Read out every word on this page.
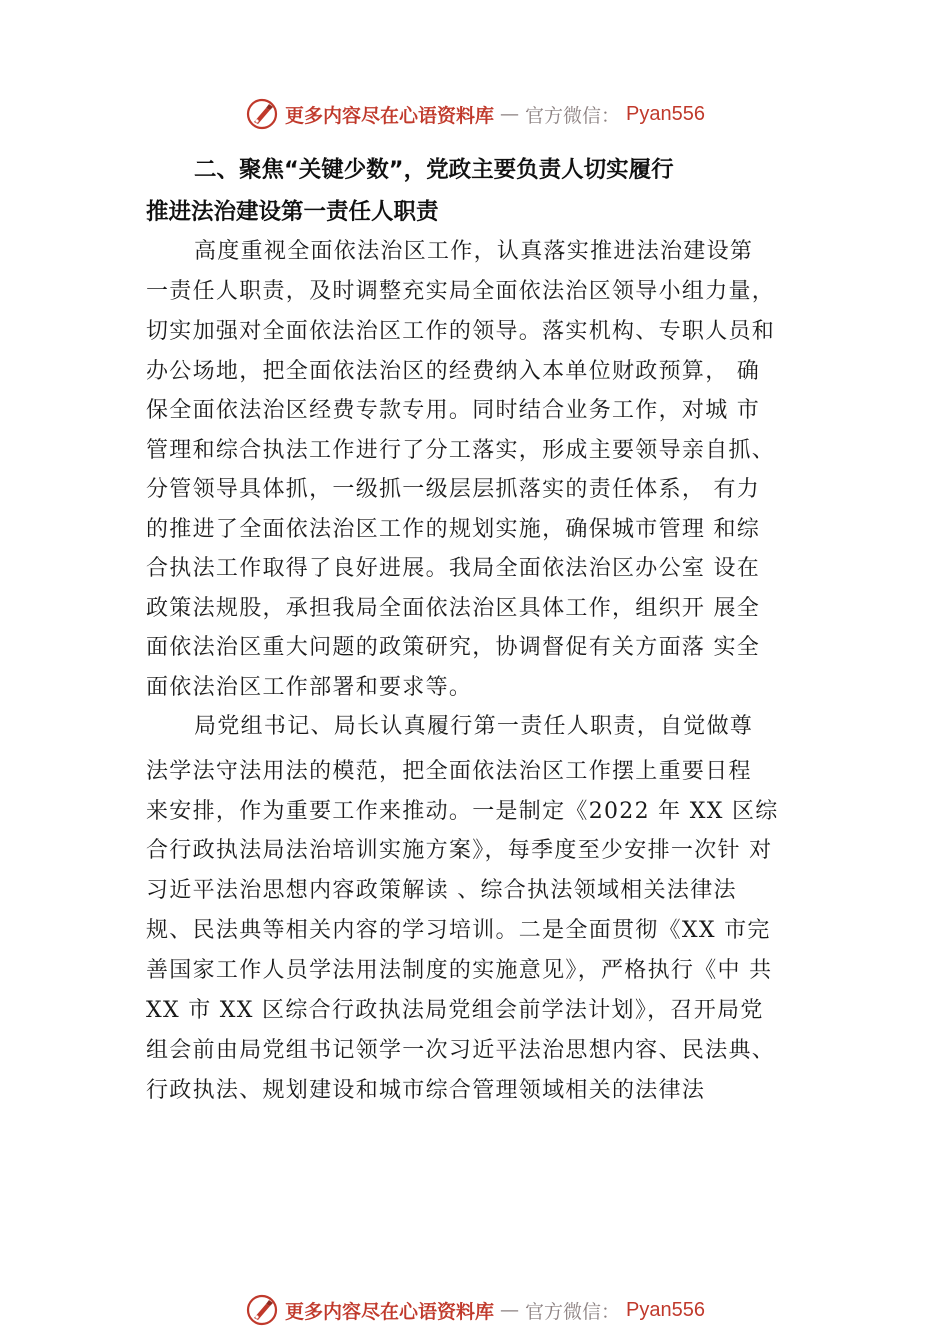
更多内容尽在心语资料库 — 官方微信： Pyan556
二、聚焦“关键少数”，党政主要负责人切实履行
推进法治建设第一责任人职责
高度重视全面依法治区工作，认真落实推进法治建设第
一责任人职责，及时调整充实局全面依法治区领导小组力量，
切实加强对全面依法治区工作的领导。落实机构、专职人员和
办公场地，把全面依法治区的经费纳入本单位财政预算， 确
保全面依法治区经费专款专用。同时结合业务工作，对城 市
管理和综合执法工作进行了分工落实，形成主要领导亲自抓、
分管领导具体抓，一级抓一级层层抓落实的责任体系， 有力
的推进了全面依法治区工作的规划实施，确保城市管理 和综
合执法工作取得了良好进展。我局全面依法治区办公室 设在
政策法规股，承担我局全面依法治区具体工作，组织开 展全
面依法治区重大问题的政策研究，协调督促有关方面落 实全
面依法治区工作部署和要求等。
局党组书记、局长认真履行第一责任人职责，自觉做尊
法学法守法用法的模范，把全面依法治区工作摆上重要日程
来安排，作为重要工作来推动。一是制定《2022 年 XX 区综
合行政执法局法治培训实施方案》，每季度至少安排一次针 对
习近平法治思想内容政策解读 、综合执法领域相关法律法
规、民法典等相关内容的学习培训。二是全面贯彻《XX 市完
善国家工作人员学法用法制度的实施意见》，严格执行《中 共
XX 市 XX 区综合行政执法局党组会前学法计划》，召开局党
组会前由局党组书记领学一次习近平法治思想内容、民法典、
行政执法、规划建设和城市综合管理领域相关的法律法
更多内容尽在心语资料库 — 官方微信： Pyan556
